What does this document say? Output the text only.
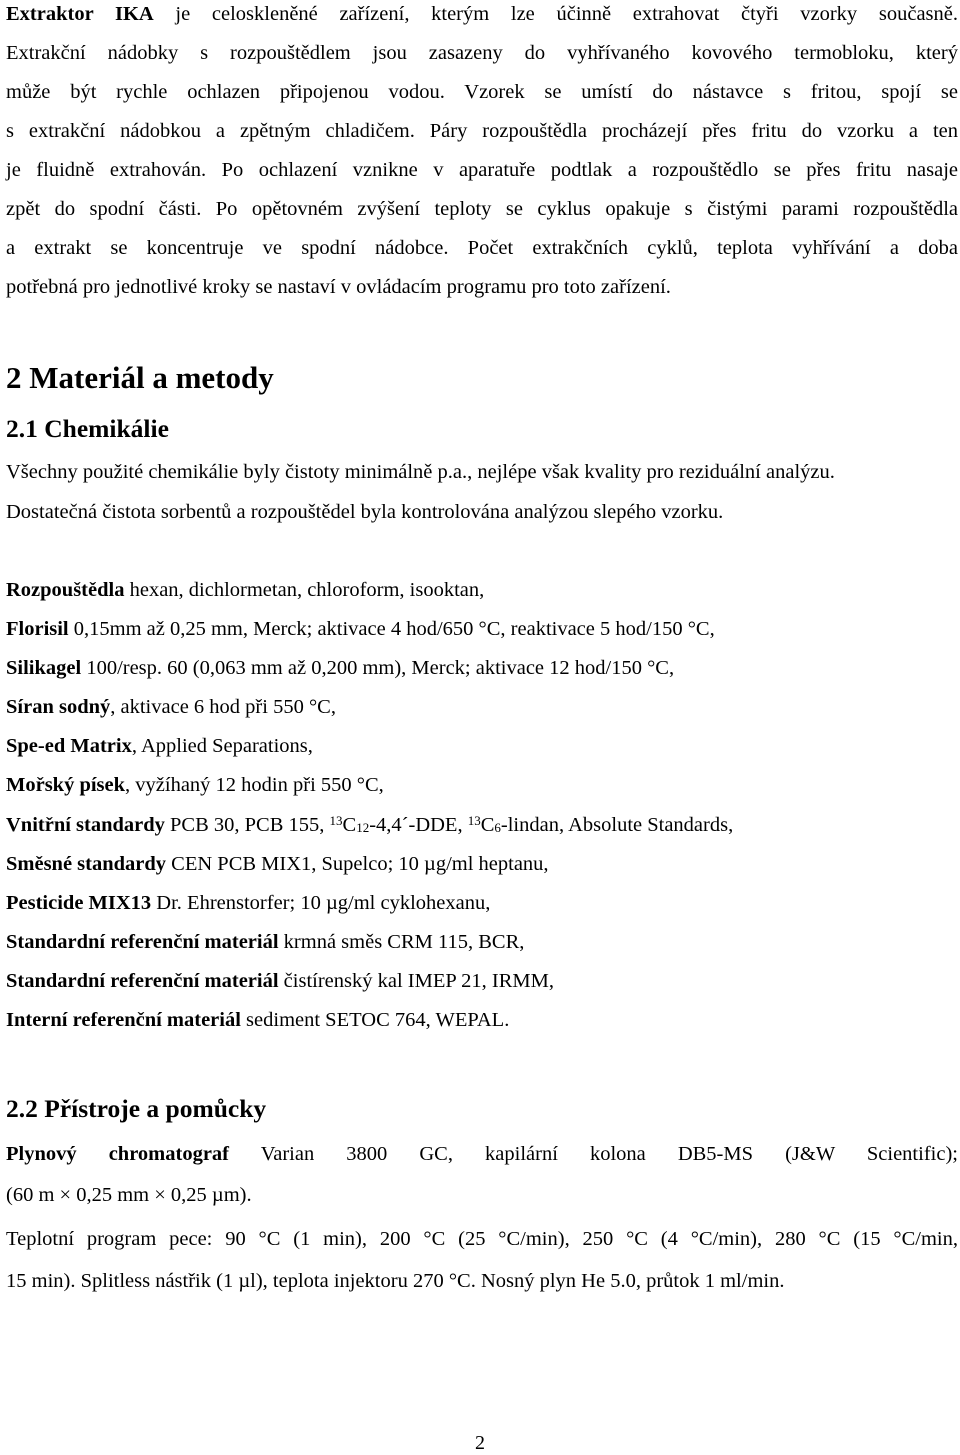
Extraktor IKA je celoskleněné zařízení, kterým lze účinně extrahovat čtyři vzorky současně.
Extrakční nádobky s rozpouštědlem jsou zasazeny do vyhřívaného kovového termobloku, který
může být rychle ochlazen připojenou vodou. Vzorek se umístí do nástavce s fritou, spojí se
s extrakční nádobkou a zpětným chladičem. Páry rozpouštědla procházejí přes fritu do vzorku a ten
je fluidně extrahován. Po ochlazení vznikne v aparatuře podtlak a rozpouštědlo se přes fritu nasaje
zpět do spodní části. Po opětovném zvýšení teploty se cyklus opakuje s čistými parami rozpouštědla
a extrakt se koncentruje ve spodní nádobce. Počet extrakčních cyklů, teplota vyhřívání a doba
potřebná pro jednotlivé kroky se nastaví v ovládacím programu pro toto zařízení.
2 Materiál a metody
2.1 Chemikálie
Všechny použité chemikálie byly čistoty minimálně p.a., nejlépe však kvality pro reziduální analýzu.
Dostatečná čistota sorbentů a rozpouštědel byla kontrolována analýzou slepého vzorku.
Rozpouštědla hexan, dichlormetan, chloroform, isooktan,
Florisil 0,15mm až 0,25 mm, Merck; aktivace 4 hod/650 °C, reaktivace 5 hod/150 °C,
Silikagel 100/resp. 60 (0,063 mm až 0,200 mm), Merck; aktivace 12 hod/150 °C,
Síran sodný, aktivace 6 hod při 550 °C,
Spe-ed Matrix, Applied Separations,
Mořský písek, vyžíhaný 12 hodin při 550 °C,
Vnitřní standardy PCB 30, PCB 155, $^{13}C_{12}-4,4´$-DDE, $^{13}C_6$-lindan, Absolute Standards,
Směsné standardy CEN PCB MIX1, Supelco; 10 µg/ml heptanu,
Pesticide MIX13 Dr. Ehrenstorfer; 10 µg/ml cyklohexanu,
Standardní referenční materiál krmná směs CRM 115, BCR,
Standardní referenční materiál čistírenský kal IMEP 21, IRMM,
Interní referenční materiál sediment SETOC 764, WEPAL.
2.2 Přístroje a pomůcky
Plynový chromatograf Varian 3800 GC, kapilární kolona DB5-MS (J&W Scientific);
(60 m × 0,25 mm × 0,25 µm).
Teplotní program pece: 90 °C (1 min), 200 °C (25 °C/min), 250 °C (4 °C/min), 280 °C (15 °C/min,
15 min). Splitless nástřik (1 µl), teplota injektoru 270 °C. Nosný plyn He 5.0, průtok 1 ml/min.
2
